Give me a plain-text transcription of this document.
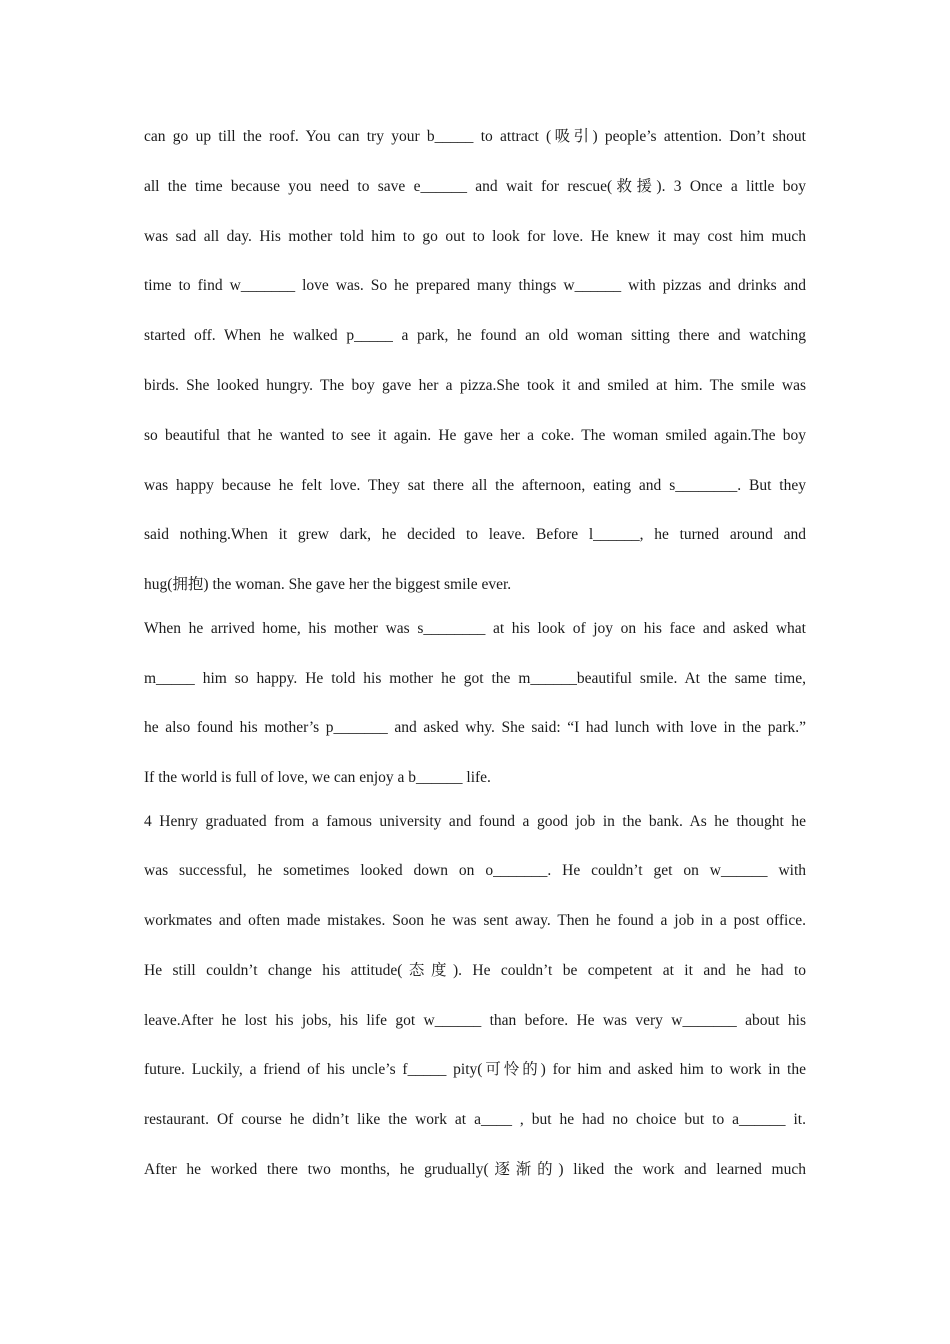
can go up till the roof. You can try your b_____ to attract (吸引) people’s attention. Don’t shout
all the time because you need to save e______ and wait for rescue(救援). 3 Once a little boy
was sad all day. His mother told him to go out to look for love. He knew it may cost him much
time to find w_______ love was. So he prepared many things w______ with pizzas and drinks and
started off. When he walked p_____ a park, he found an old woman sitting there and watching
birds. She looked hungry. The boy gave her a pizza.She took it and smiled at him. The smile was
so beautiful that he wanted to see it again. He gave her a coke. The woman smiled again.The boy
was happy because he felt love. They sat there all the afternoon, eating and s________. But they
said nothing.When it grew dark, he decided to leave. Before l______, he turned around and
hug(拥抱) the woman. She gave her the biggest smile ever.
When he arrived home, his mother was s________ at his look of joy on his face and asked what
m_____ him so happy. He told his mother he got the m______beautiful smile. At the same time,
he also found his mother’s p_______ and asked why. She said: “I had lunch with love in the park.”
If the world is full of love, we can enjoy a b______ life.
4 Henry graduated from a famous university and found a good job in the bank. As he thought he
was successful, he sometimes looked down on o_______. He couldn’t get on w______ with
workmates and often made mistakes. Soon he was sent away. Then he found a job in a post office.
He still couldn’t change his attitude(态度). He couldn’t be competent at it and he had to
leave.After he lost his jobs, his life got w______ than before. He was very w_______ about his
future. Luckily, a friend of his uncle’s f_____ pity(可怜的) for him and asked him to work in the
restaurant. Of course he didn’t like the work at a____ , but he had no choice but to a______ it.
After he worked there two months, he grudually(逐渐的) liked the work and learned much
